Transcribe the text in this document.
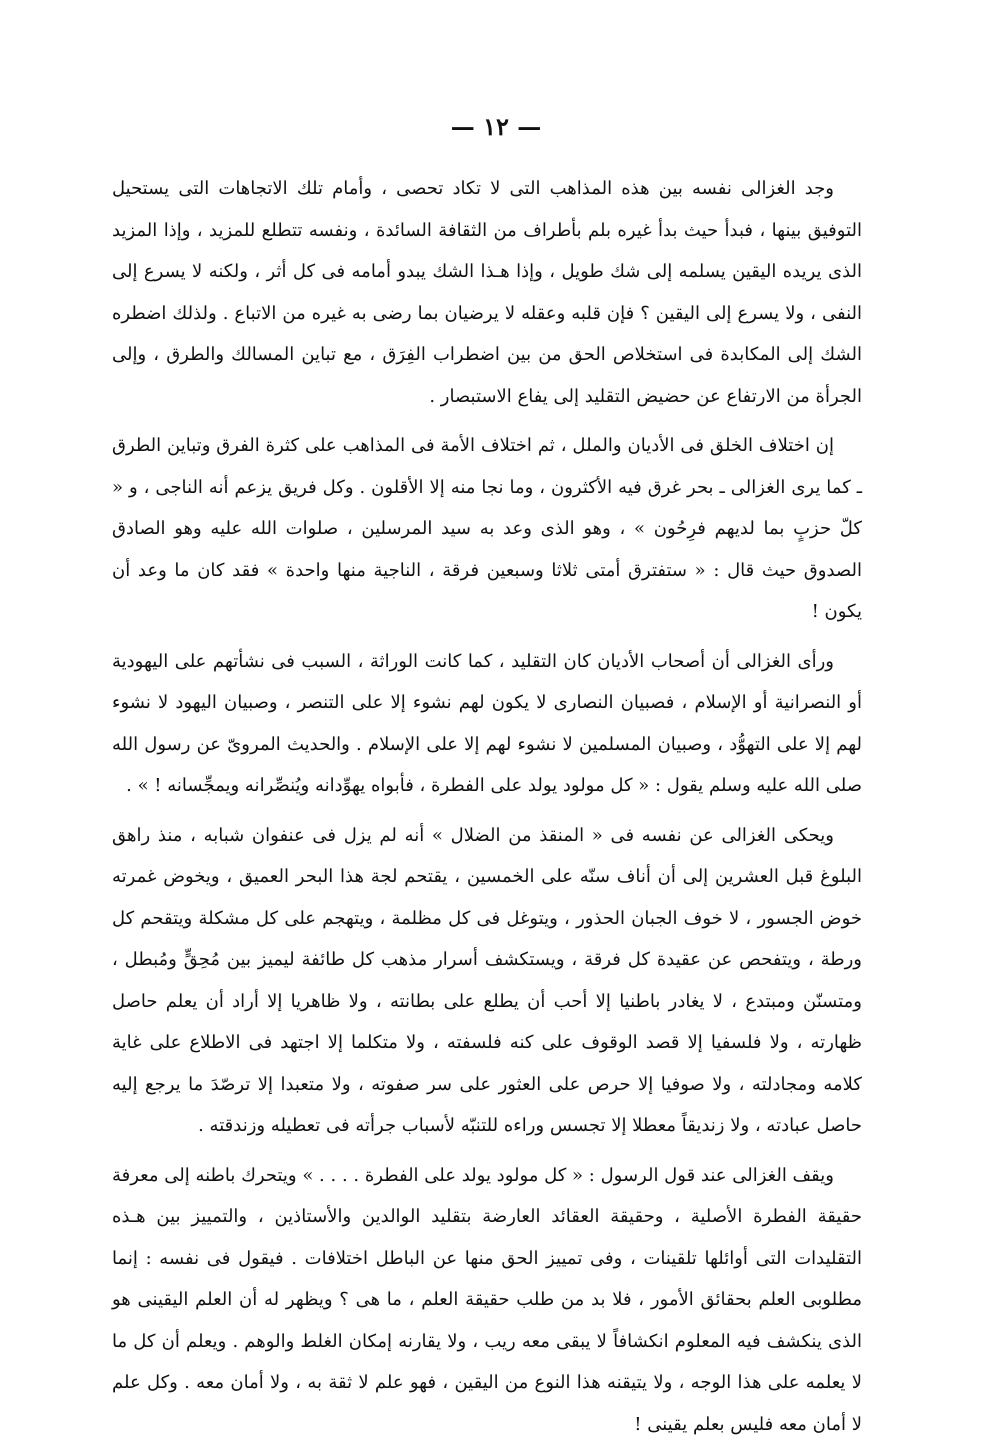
— ١٢ —

وجد الغزالى نفسه بين هذه المذاهب التى لا تكاد تحصى ، وأمام تلك الاتجاهات التى يستحيل التوفيق بينها ، فبدأ حيث بدأ غيره بلم بأطراف من الثقافة السائدة ، ونفسه تتطلع للمزيد ، وإذا المزيد الذى يريده اليقين يسلمه إلى شك طويل ، وإذا هـذا الشك يبدو أمامه فى كل أثر ، ولكنه لا يسرع إلى النفى ، ولا يسرع إلى اليقين ؟ فإن قلبه وعقله لا يرضيان بما رضى به غيره من الاتباع . ولذلك اضطره الشك إلى المكابدة فى استخلاص الحق من بين اضطراب الفِرَق ، مع تباين المسالك والطرق ، وإلى الجرأة من الارتفاع عن حضيض التقليد إلى يفاع الاستبصار .

إن اختلاف الخلق فى الأديان والملل ، ثم اختلاف الأمة فى المذاهب على كثرة الفرق وتباين الطرق ـ كما يرى الغزالى ـ بحر غرق فيه الأكثرون ، وما نجا منه إلا الأقلون . وكل فريق يزعم أنه الناجى ، و « كلّ حزبٍ بما لديهم فرِحُون » ، وهو الذى وعد به سيد المرسلين ، صلوات الله عليه وهو الصادق الصدوق حيث قال : « ستفترق أمتى ثلاثا وسبعين فرقة ، الناجية منها واحدة » فقد كان ما وعد أن يكون !

ورأى الغزالى أن أصحاب الأديان كان التقليد ، كما كانت الوراثة ، السبب فى نشأتهم على اليهودية أو النصرانية أو الإسلام ، فصبيان النصارى لا يكون لهم نشوء إلا على التنصر ، وصبيان اليهود لا نشوء لهم إلا على التهوُّد ، وصبيان المسلمين لا نشوء لهم إلا على الإسلام . والحديث المروىّ عن رسول الله صلى الله عليه وسلم يقول : « كل مولود يولد على الفطرة ، فأبواه يهوِّدانه ويُنصِّرانه ويمجِّسانه ! » .

ويحكى الغزالى عن نفسه فى « المنقذ من الضلال » أنه لم يزل فى عنفوان شبابه ، منذ راهق البلوغ قبل العشرين إلى أن أناف سنّه على الخمسين ، يقتحم لجة هذا البحر العميق ، ويخوض غمرته خوض الجسور ، لا خوف الجبان الحذور ، ويتوغل فى كل مظلمة ، ويتهجم على كل مشكلة ويتقحم كل ورطة ، ويتفحص عن عقيدة كل فرقة ، ويستكشف أسرار مذهب كل طائفة ليميز بين مُحِقٍّ ومُبطل ، ومتسنّن ومبتدع ، لا يغادر باطنيا إلا أحب أن يطلع على بطانته ، ولا ظاهريا إلا أراد أن يعلم حاصل ظهارته ، ولا فلسفيا إلا قصد الوقوف على كنه فلسفته ، ولا متكلما إلا اجتهد فى الاطلاع على غاية كلامه ومجادلته ، ولا صوفيا إلا حرص على العثور على سر صفوته ، ولا متعبدا إلا ترصّدَ ما يرجع إليه حاصل عبادته ، ولا زنديقاً معطلا إلا تجسس وراءه للتنبّه لأسباب جرأته فى تعطيله وزندقته .

ويقف الغزالى عند قول الرسول : « كل مولود يولد على الفطرة . . . . » ويتحرك باطنه إلى معرفة حقيقة الفطرة الأصلية ، وحقيقة العقائد العارضة بتقليد الوالدين والأستاذين ، والتمييز بين هـذه التقليدات التى أوائلها تلقينات ، وفى تمييز الحق منها عن الباطل اختلافات . فيقول فى نفسه : إنما مطلوبى العلم بحقائق الأمور ، فلا بد من طلب حقيقة العلم ، ما هى ؟ ويظهر له أن العلم اليقينى هو الذى ينكشف فيه المعلوم انكشافاً لا يبقى معه ريب ، ولا يقارنه إمكان الغلط والوهم . ويعلم أن كل ما لا يعلمه على هذا الوجه ، ولا يتيقنه هذا النوع من اليقين ، فهو علم لا ثقة به ، ولا أمان معه . وكل علم لا أمان معه فليس بعلم يقينى !
